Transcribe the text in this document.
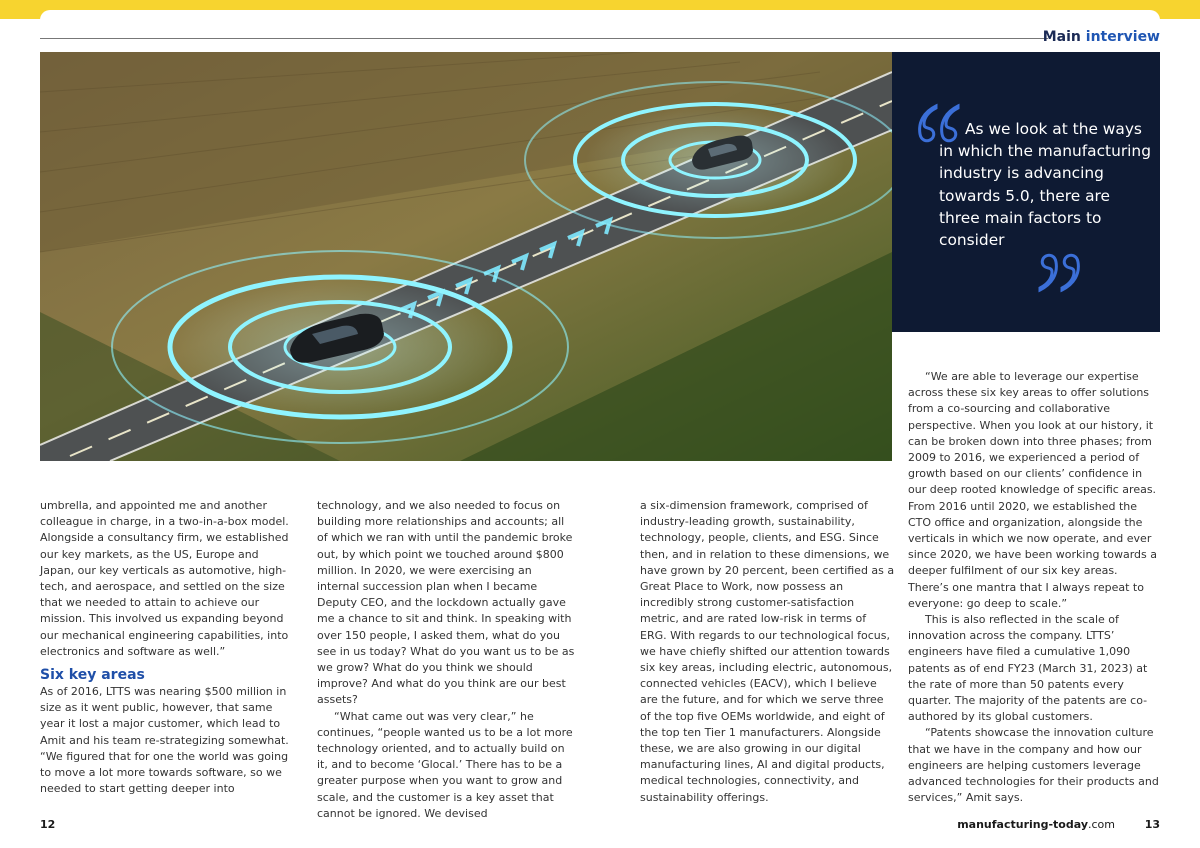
Main interview
As we look at the ways in which the manufacturing industry is advancing towards 5.0, there are three main factors to consider

umbrella, and appointed me and another colleague in charge, in a two-in-a-box model. Alongside a consultancy firm, we established our key markets, as the US, Europe and Japan, our key verticals as automotive, high-tech, and aerospace, and settled on the size that we needed to attain to achieve our mission. This involved us expanding beyond our mechanical engineering capabilities, into electronics and software as well.”

Six key areas

As of 2016, LTTS was nearing $500 million in size as it went public, however, that same year it lost a major customer, which lead to Amit and his team re-strategizing somewhat. “We figured that for one the world was going to move a lot more towards software, so we needed to start getting deeper into

technology, and we also needed to focus on building more relationships and accounts; all of which we ran with until the pandemic broke out, by which point we touched around $800 million. In 2020, we were exercising an internal succession plan when I became Deputy CEO, and the lockdown actually gave me a chance to sit and think. In speaking with over 150 people, I asked them, what do you see in us today? What do you want us to be as we grow? What do you think we should improve? And what do you think are our best assets?

“What came out was very clear,” he continues, “people wanted us to be a lot more technology oriented, and to actually build on it, and to become ‘Glocal.’ There has to be a greater purpose when you want to grow and scale, and the customer is a key asset that cannot be ignored. We devised

a six-dimension framework, comprised of industry-leading growth, sustainability, technology, people, clients, and ESG. Since then, and in relation to these dimensions, we have grown by 20 percent, been certified as a Great Place to Work, now possess an incredibly strong customer-satisfaction metric, and are rated low-risk in terms of ERG. With regards to our technological focus, we have chiefly shifted our attention towards six key areas, including electric, autonomous, connected vehicles (EACV), which I believe are the future, and for which we serve three of the top five OEMs worldwide, and eight of the top ten Tier 1 manufacturers. Alongside these, we are also growing in our digital manufacturing lines, AI and digital products, medical technologies, connectivity, and sustainability offerings.

“We are able to leverage our expertise across these six key areas to offer solutions from a co-sourcing and collaborative perspective. When you look at our history, it can be broken down into three phases; from 2009 to 2016, we experienced a period of growth based on our clients’ confidence in our deep rooted knowledge of specific areas. From 2016 until 2020, we established the CTO office and organization, alongside the verticals in which we now operate, and ever since 2020, we have been working towards a deeper fulfilment of our six key areas. There’s one mantra that I always repeat to everyone: go deep to scale.”

This is also reflected in the scale of innovation across the company. LTTS’ engineers have filed a cumulative 1,090 patents as of end FY23 (March 31, 2023) at the rate of more than 50 patents every quarter. The majority of the patents are co-authored by its global customers.

“Patents showcase the innovation culture that we have in the company and how our engineers are helping customers leverage advanced technologies for their products and services,” Amit says.

12	manufacturing-today.com	13
